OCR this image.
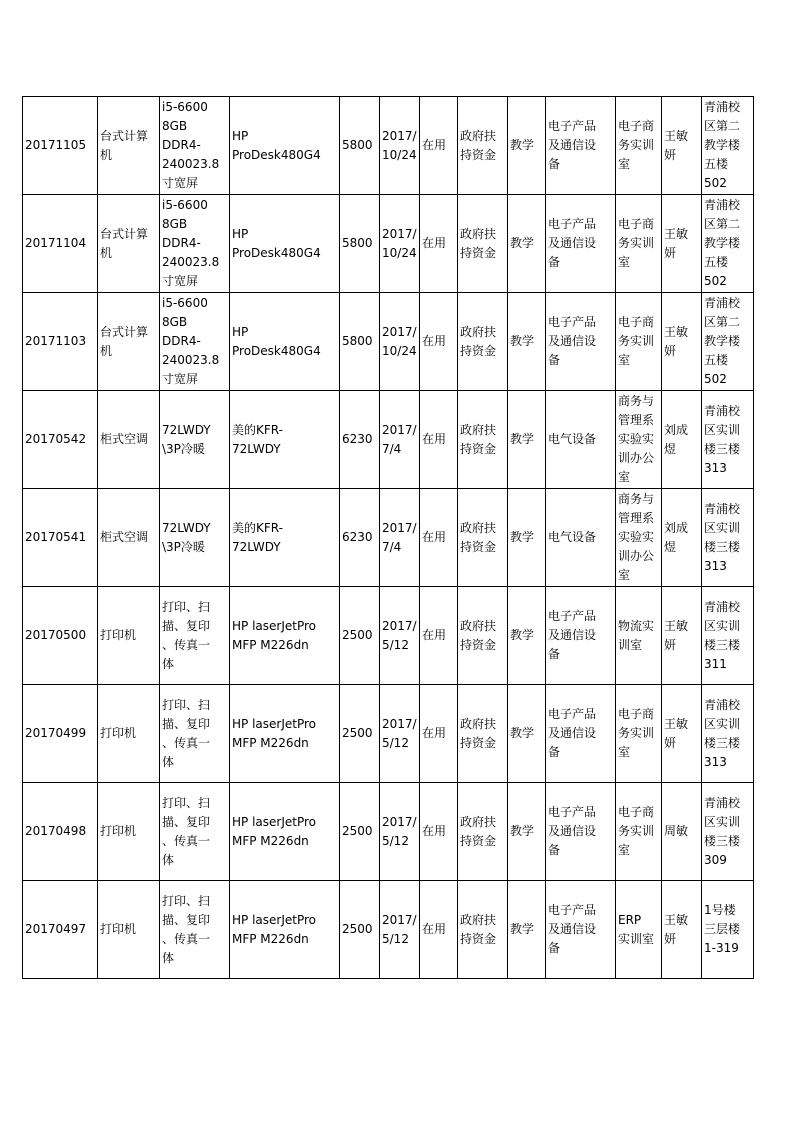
20171105	台式计算
机	i5-6600
8GB
DDR4-
240023.8
寸宽屏	HP
ProDesk480G4	5800	2017/
10/24	在用	政府扶
持资金	教学	电子产品
及通信设
备	电子商
务实训
室	王敏
妍	青浦校
区第二
教学楼
五楼
502
20171104	台式计算
机	i5-6600
8GB
DDR4-
240023.8
寸宽屏	HP
ProDesk480G4	5800	2017/
10/24	在用	政府扶
持资金	教学	电子产品
及通信设
备	电子商
务实训
室	王敏
妍	青浦校
区第二
教学楼
五楼
502
20171103	台式计算
机	i5-6600
8GB
DDR4-
240023.8
寸宽屏	HP
ProDesk480G4	5800	2017/
10/24	在用	政府扶
持资金	教学	电子产品
及通信设
备	电子商
务实训
室	王敏
妍	青浦校
区第二
教学楼
五楼
502
20170542	柜式空调	72LWDY
\3P冷暖	美的KFR-
72LWDY	6230	2017/
7/4	在用	政府扶
持资金	教学	电气设备	商务与
管理系
实验实
训办公
室	刘成
煜	青浦校
区实训
楼三楼
313
20170541	柜式空调	72LWDY
\3P冷暖	美的KFR-
72LWDY	6230	2017/
7/4	在用	政府扶
持资金	教学	电气设备	商务与
管理系
实验实
训办公
室	刘成
煜	青浦校
区实训
楼三楼
313
20170500	打印机	打印、扫
描、复印
、传真一
体	HP laserJetPro
MFP M226dn	2500	2017/
5/12	在用	政府扶
持资金	教学	电子产品
及通信设
备	物流实
训室	王敏
妍	青浦校
区实训
楼三楼
311
20170499	打印机	打印、扫
描、复印
、传真一
体	HP laserJetPro
MFP M226dn	2500	2017/
5/12	在用	政府扶
持资金	教学	电子产品
及通信设
备	电子商
务实训
室	王敏
妍	青浦校
区实训
楼三楼
313
20170498	打印机	打印、扫
描、复印
、传真一
体	HP laserJetPro
MFP M226dn	2500	2017/
5/12	在用	政府扶
持资金	教学	电子产品
及通信设
备	电子商
务实训
室	周敏	青浦校
区实训
楼三楼
309
20170497	打印机	打印、扫
描、复印
、传真一
体	HP laserJetPro
MFP M226dn	2500	2017/
5/12	在用	政府扶
持资金	教学	电子产品
及通信设
备	ERP
实训室	王敏
妍	1号楼
三层楼
1-319
